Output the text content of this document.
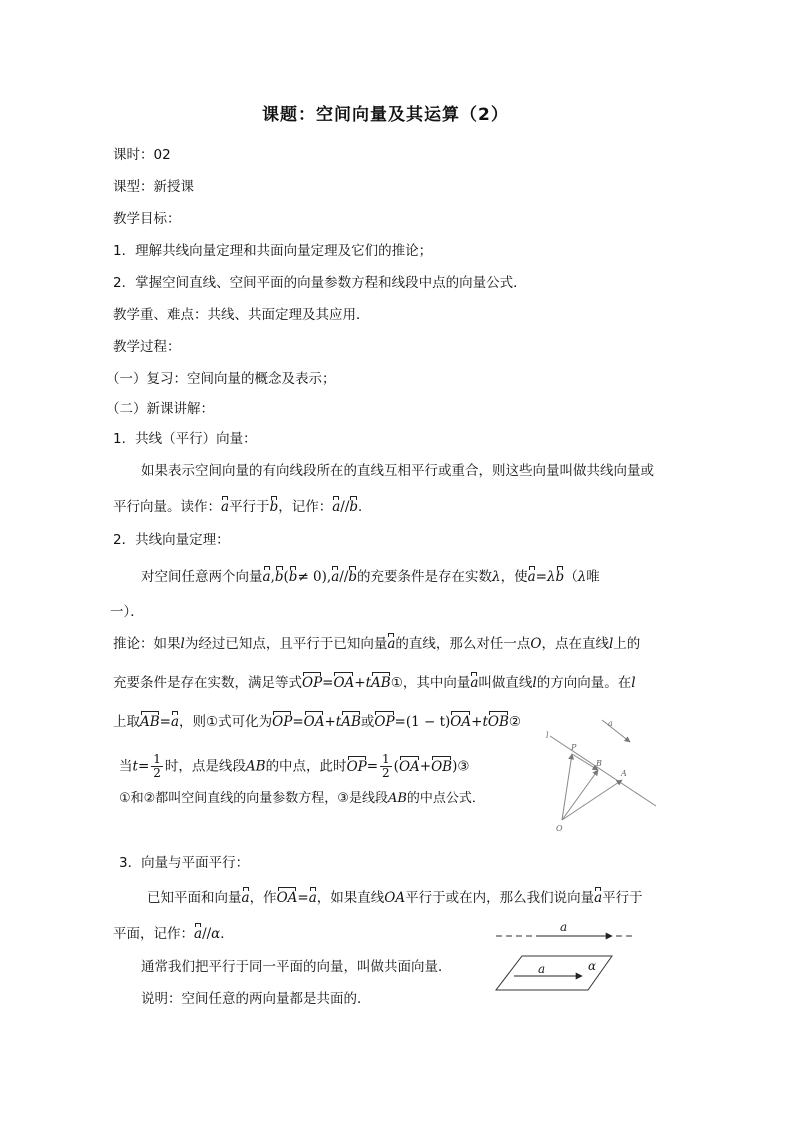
课题：空间向量及其运算（2）
课时：02
课型：新授课
教学目标：
1．理解共线向量定理和共面向量定理及它们的推论；
2．掌握空间直线、空间平面的向量参数方程和线段中点的向量公式．
教学重、难点：共线、共面定理及其应用．
教学过程：
（一）复习：空间向量的概念及表示；
（二）新课讲解：
1．共线（平行）向量：
如果表示空间向量的有向线段所在的直线互相平行或重合，则这些向量叫做共线向量或
平行向量。读作：a平行于b，记作：a//b．
2．共线向量定理：
对空间任意两个向量a,b(b≠ 0),a//b的充要条件是存在实数λ，使a=λb（λ唯
一）．
推论：如果l为经过已知点，且平行于已知向量a的直线，那么对任一点O，点在直线l上的
充要条件是存在实数，满足等式OP=OA+tAB①，其中向量a叫做直线l的方向向量。在l
上取AB=a，则①式可化为OP=OA+tAB或OP=(1 − t)OA+tOB②
当$t= \frac{1}{2}$ 时，点是线段AB的中点，此时$OP= \frac{1}{2}$ (OA+OB)③
①和②都叫空间直线的向量参数方程，③是线段AB的中点公式．
l
P
B
A
O
a
3．向量与平面平行：
已知平面和向量a，作OA=a，如果直线OA平行于或在内，那么我们说向量a平行于
平面，记作：a//α．
通常我们把平行于同一平面的向量，叫做共面向量．
说明：空间任意的两向量都是共面的．
a
a	α
